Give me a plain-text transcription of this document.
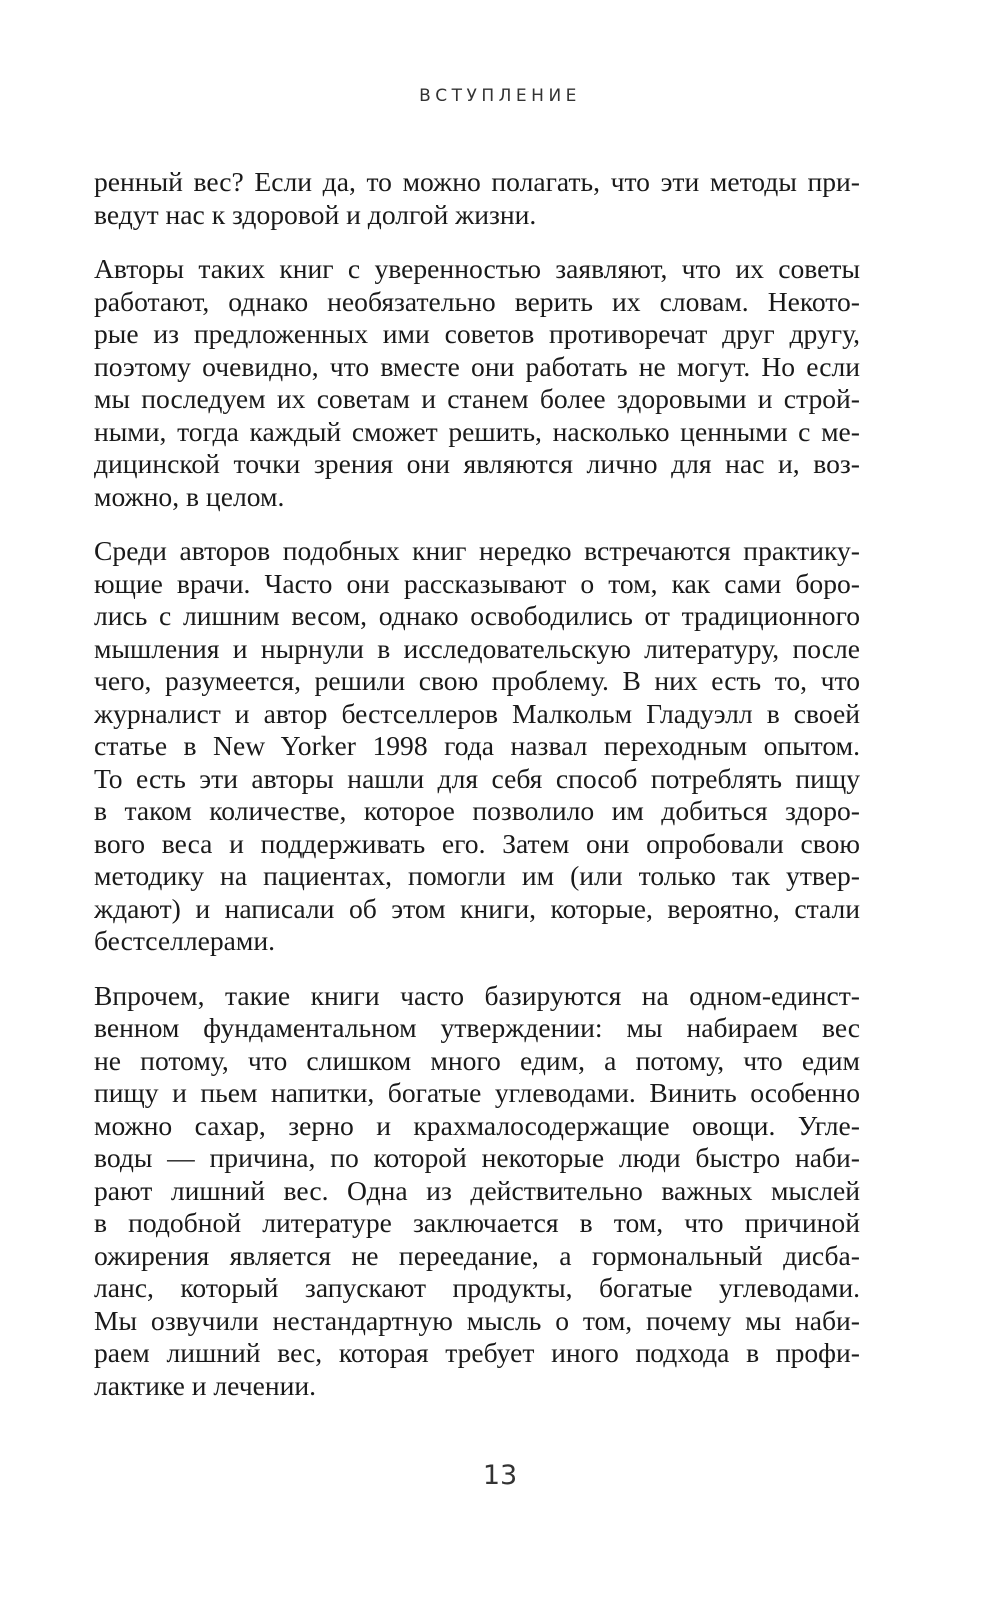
ВСТУПЛЕНИЕ

ренный вес? Если да, то можно полагать, что эти методы при-
ведут нас к здоровой и долгой жизни.

Авторы таких книг с уверенностью заявляют, что их советы
работают, однако необязательно верить их словам. Некото-
рые из предложенных ими советов противоречат друг другу,
поэтому очевидно, что вместе они работать не могут. Но если
мы последуем их советам и станем более здоровыми и строй-
ными, тогда каждый сможет решить, насколько ценными с ме-
дицинской точки зрения они являются лично для нас и, воз-
можно, в целом.

Среди авторов подобных книг нередко встречаются практику-
ющие врачи. Часто они рассказывают о том, как сами боро-
лись с лишним весом, однако освободились от традиционного
мышления и нырнули в исследовательскую литературу, после
чего, разумеется, решили свою проблему. В них есть то, что
журналист и автор бестселлеров Малкольм Гладуэлл в своей
статье в New Yorker 1998 года назвал переходным опытом.
То есть эти авторы нашли для себя способ потреблять пищу
в таком количестве, которое позволило им добиться здоро-
вого веса и поддерживать его. Затем они опробовали свою
методику на пациентах, помогли им (или только так утвер-
ждают) и написали об этом книги, которые, вероятно, стали
бестселлерами.

Впрочем, такие книги часто базируются на одном-единст-
венном фундаментальном утверждении: мы набираем вес
не потому, что слишком много едим, а потому, что едим
пищу и пьем напитки, богатые углеводами. Винить особенно
можно сахар, зерно и крахмалосодержащие овощи. Угле-
воды — причина, по которой некоторые люди быстро наби-
рают лишний вес. Одна из действительно важных мыслей
в подобной литературе заключается в том, что причиной
ожирения является не переедание, а гормональный дисба-
ланс, который запускают продукты, богатые углеводами.
Мы озвучили нестандартную мысль о том, почему мы наби-
раем лишний вес, которая требует иного подхода в профи-
лактике и лечении.

13
